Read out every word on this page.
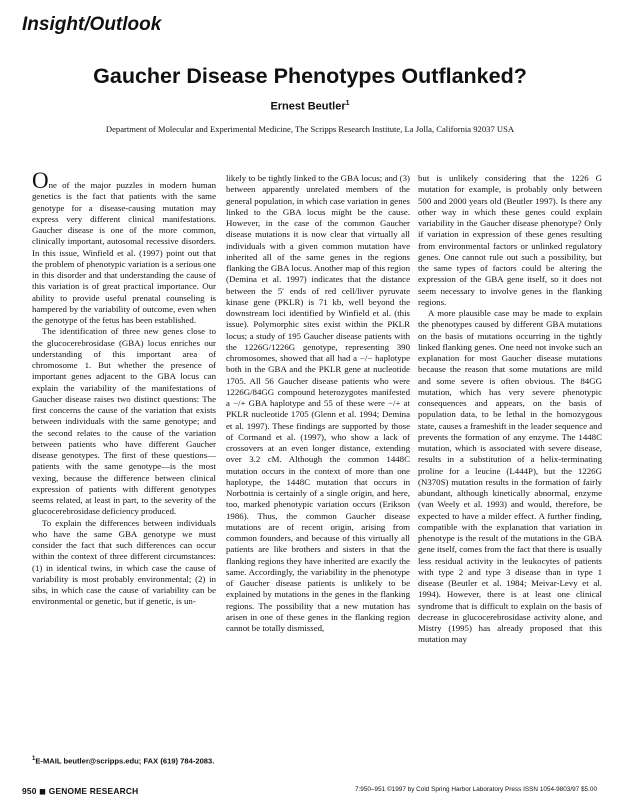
Insight/Outlook
Gaucher Disease Phenotypes Outflanked?
Ernest Beutler$^1$
Department of Molecular and Experimental Medicine, The Scripps Research Institute, La Jolla, California 92037 USA

One of the major puzzles in modern human genetics is the fact that patients with the same genotype for a disease-causing mutation may express very different clinical manifestations. Gaucher disease is one of the more common, clinically important, autosomal recessive disorders. In this issue, Winfield et al. (1997) point out that the problem of phenotypic variation is a serious one in this disorder and that understanding the cause of this variation is of great practical importance. Our ability to provide useful prenatal counseling is hampered by the variability of outcome, even when the genotype of the fetus has been established.

The identification of three new genes close to the glucocerebrosidase (GBA) locus enriches our understanding of this important area of chromosome 1. But whether the presence of important genes adjacent to the GBA locus can explain the variability of the manifestations of Gaucher disease raises two distinct questions: The first concerns the cause of the variation that exists between individuals with the same genotype; and the second relates to the cause of the variation between patients who have different Gaucher disease genotypes. The first of these questions—patients with the same genotype—is the most vexing, because the difference between clinical expression of patients with different genotypes seems related, at least in part, to the severity of the glucocerebrosidase deficiency produced.

To explain the differences between individuals who have the same GBA genotype we must consider the fact that such differences can occur within the context of three different circumstances: (1) in identical twins, in which case the cause of variability is most probably environmental; (2) in sibs, in which case the cause of variability can be environmental or genetic, but if genetic, is un-

likely to be tightly linked to the GBA locus; and (3) between apparently unrelated members of the general population, in which case variation in genes linked to the GBA locus might be the cause. However, in the case of the common Gaucher disease mutations it is now clear that virtually all individuals with a given common mutation have inherited all of the same genes in the regions flanking the GBA locus. Another map of this region (Demina et al. 1997) indicates that the distance between the 5′ ends of red cell/liver pyruvate kinase gene (PKLR) is 71 kb, well beyond the downstream loci identified by Winfield et al. (this issue). Polymorphic sites exist within the PKLR locus; a study of 195 Gaucher disease patients with the 1226G/1226G genotype, representing 390 chromosomes, showed that all had a −/− haplotype both in the GBA and the PKLR gene at nucleotide 1705. All 56 Gaucher disease patients who were 1226G/84GG compound heterozygotes manifested a −/+ GBA haplotype and 55 of these were −/+ at PKLR nucleotide 1705 (Glenn et al. 1994; Demina et al. 1997). These findings are supported by those of Cormand et al. (1997), who show a lack of crossovers at an even longer distance, extending over 3.2 cM. Although the common 1448C mutation occurs in the context of more than one haplotype, the 1448C mutation that occurs in Norbottnia is certainly of a single origin, and here, too, marked phenotypic variation occurs (Erikson 1986). Thus, the common Gaucher disease mutations are of recent origin, arising from common founders, and because of this virtually all patients are like brothers and sisters in that the flanking regions they have inherited are exactly the same. Accordingly, the variability in the phenotype of Gaucher disease patients is unlikely to be explained by mutations in the genes in the flanking regions. The possibility that a new mutation has arisen in one of these genes in the flanking region cannot be totally dismissed,

but is unlikely considering that the 1226 G mutation for example, is probably only between 500 and 2000 years old (Beutler 1997). Is there any other way in which these genes could explain variability in the Gaucher disease phenotype? Only if variation in expression of these genes resulting from environmental factors or unlinked regulatory genes. One cannot rule out such a possibility, but the same types of factors could be altering the expression of the GBA gene itself, so it does not seem necessary to involve genes in the flanking regions.

A more plausible case may be made to explain the phenotypes caused by different GBA mutations on the basis of mutations occurring in the tightly linked flanking genes. One need not invoke such an explanation for most Gaucher disease mutations because the reason that some mutations are mild and some severe is often obvious. The 84GG mutation, which has very severe phenotypic consequences and appears, on the basis of population data, to be lethal in the homozygous state, causes a frameshift in the leader sequence and prevents the formation of any enzyme. The 1448C mutation, which is associated with severe disease, results in a substitution of a helix-terminating proline for a leucine (L444P), but the 1226G (N370S) mutation results in the formation of fairly abundant, although kinetically abnormal, enzyme (van Weely et al. 1993) and would, therefore, be expected to have a milder effect. A further finding, compatible with the explanation that variation in phenotype is the result of the mutations in the GBA gene itself, comes from the fact that there is usually less residual activity in the leukocytes of patients with type 2 and type 3 disease than in type 1 disease (Beutler et al. 1984; Meivar-Levy et al. 1994). However, there is at least one clinical syndrome that is difficult to explain on the basis of decrease in glucocerebrosidase activity alone, and Mistry (1995) has already proposed that this mutation may

$^1$E-MAIL beutler@scripps.edu; FAX (619) 784-2083.
950 ◼ GENOME RESEARCH	7:950–951 ©1997 by Cold Spring Harbor Laboratory Press ISSN 1054-9803/97 $5.00
